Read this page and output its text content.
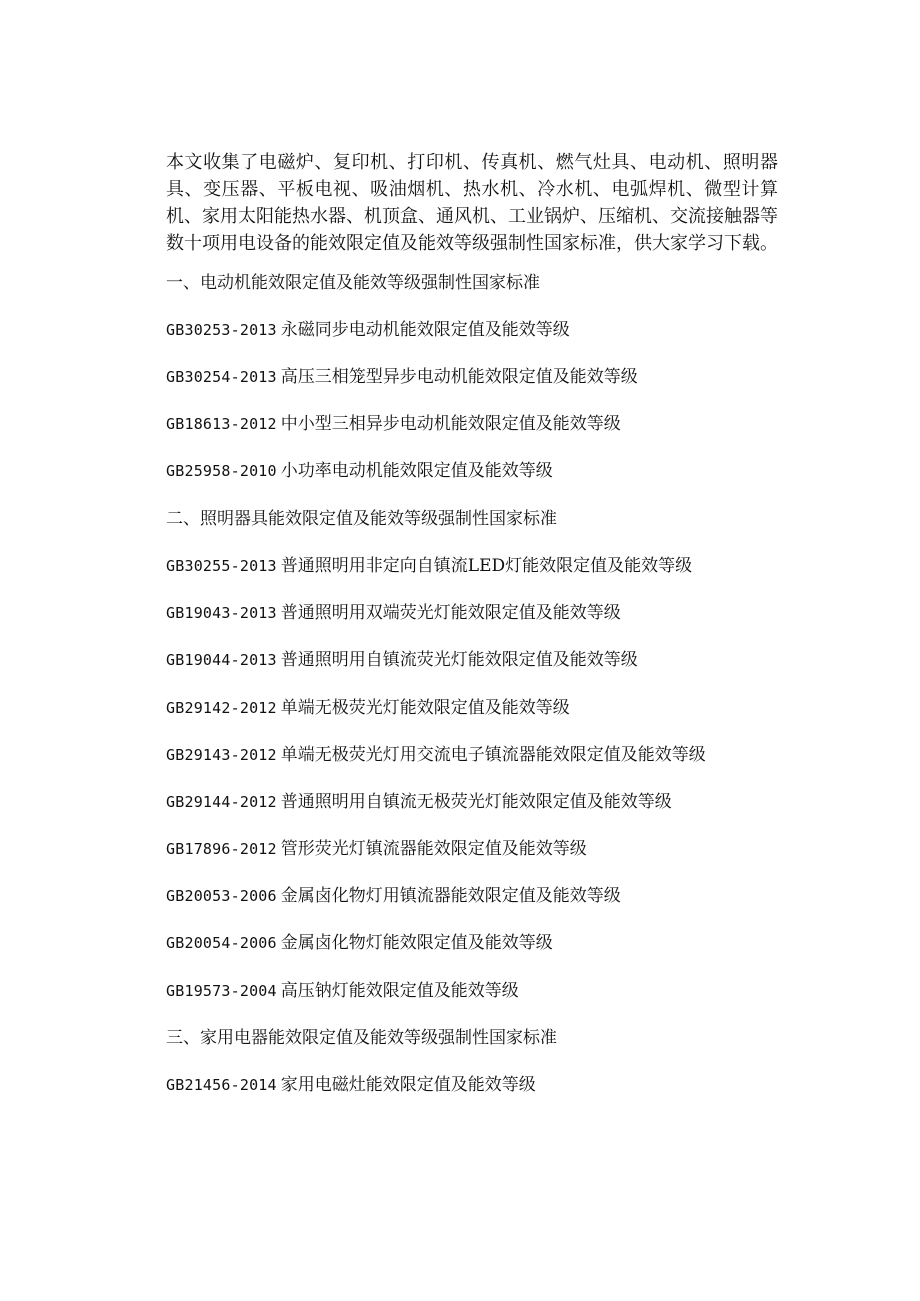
本文收集了电磁炉、复印机、打印机、传真机、燃气灶具、电动机、照明器具、变压器、平板电视、吸油烟机、热水机、冷水机、电弧焊机、微型计算机、家用太阳能热水器、机顶盒、通风机、工业锅炉、压缩机、交流接触器等数十项用电设备的能效限定值及能效等级强制性国家标准，供大家学习下载。

一、电动机能效限定值及能效等级强制性国家标准

GB30253-2013 永磁同步电动机能效限定值及能效等级

GB30254-2013 高压三相笼型异步电动机能效限定值及能效等级

GB18613-2012 中小型三相异步电动机能效限定值及能效等级

GB25958-2010 小功率电动机能效限定值及能效等级

二、照明器具能效限定值及能效等级强制性国家标准

GB30255-2013 普通照明用非定向自镇流LED灯能效限定值及能效等级

GB19043-2013 普通照明用双端荧光灯能效限定值及能效等级

GB19044-2013 普通照明用自镇流荧光灯能效限定值及能效等级

GB29142-2012 单端无极荧光灯能效限定值及能效等级

GB29143-2012 单端无极荧光灯用交流电子镇流器能效限定值及能效等级

GB29144-2012 普通照明用自镇流无极荧光灯能效限定值及能效等级

GB17896-2012 管形荧光灯镇流器能效限定值及能效等级

GB20053-2006 金属卤化物灯用镇流器能效限定值及能效等级

GB20054-2006 金属卤化物灯能效限定值及能效等级

GB19573-2004 高压钠灯能效限定值及能效等级

三、家用电器能效限定值及能效等级强制性国家标准

GB21456-2014 家用电磁灶能效限定值及能效等级
